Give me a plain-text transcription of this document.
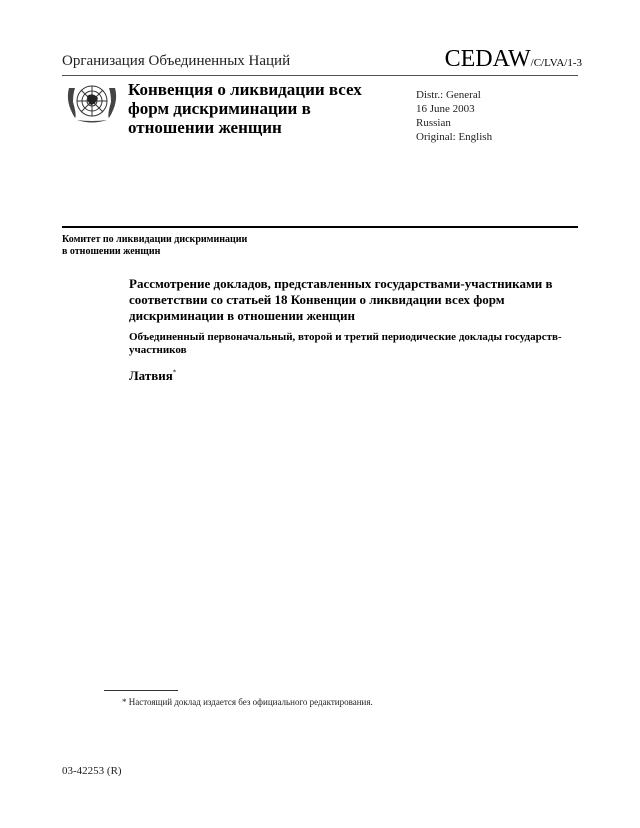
Организация Объединенных Наций	CEDAW/C/LVA/1-3
Конвенция о ликвидации всех форм дискриминации в отношении женщин
Distr.: General
16 June 2003
Russian
Original: English
Комитет по ликвидации дискриминации
в отношении женщин
Рассмотрение докладов, представленных государствами-участниками в соответствии со статьей 18 Конвенции о ликвидации всех форм дискриминации в отношении женщин
Объединенный первоначальный, второй и третий периодические доклады государств-участников
Латвия*
* Настоящий доклад издается без официального редактирования.
03-42253 (R)
